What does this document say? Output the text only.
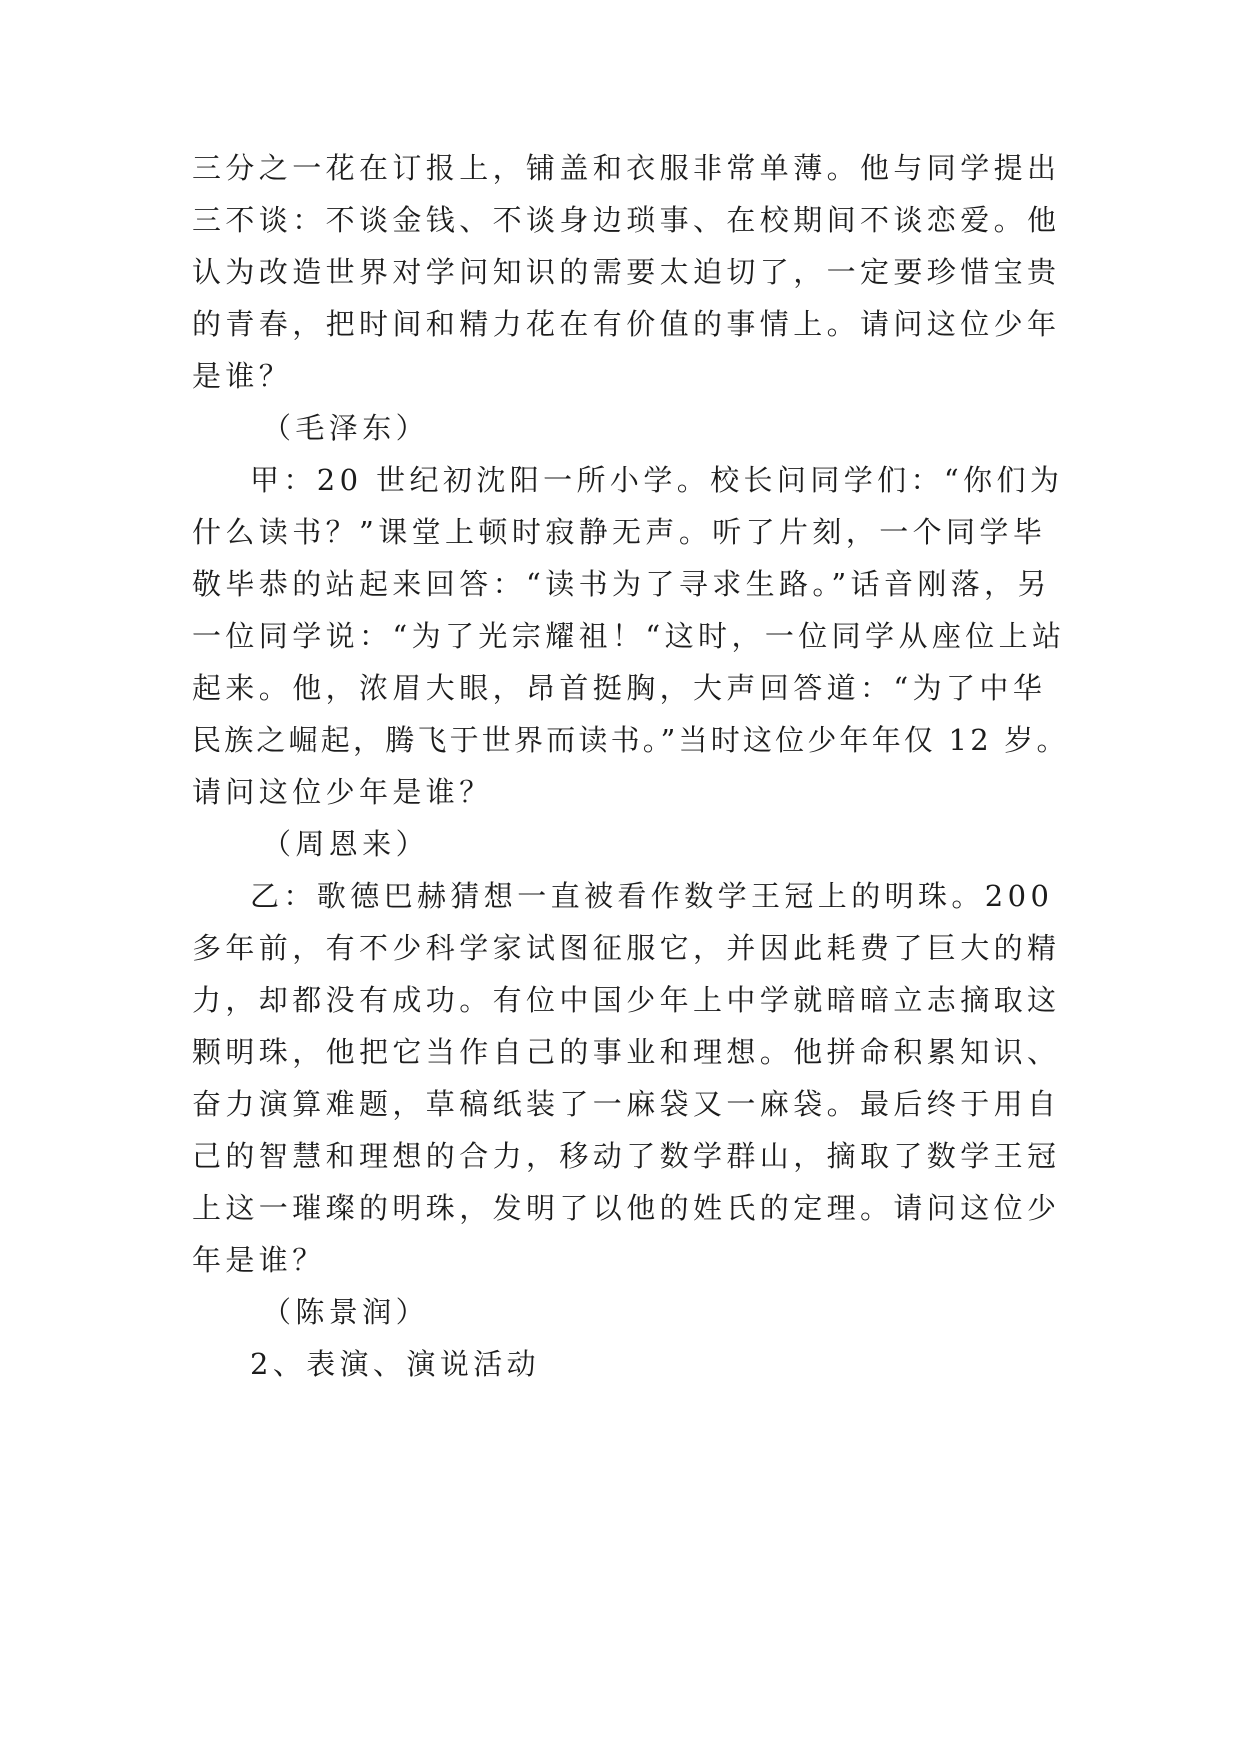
三分之一花在订报上，铺盖和衣服非常单薄。他与同学提出
三不谈：不谈金钱、不谈身边琐事、在校期间不谈恋爱。他
认为改造世界对学问知识的需要太迫切了，一定要珍惜宝贵
的青春，把时间和精力花在有价值的事情上。请问这位少年
是谁？
（毛泽东）
甲：20 世纪初沈阳一所小学。校长问同学们：“你们为
什么读书？”课堂上顿时寂静无声。听了片刻，一个同学毕
敬毕恭的站起来回答：“读书为了寻求生路。”话音刚落，另
一位同学说：“为了光宗耀祖！“这时，一位同学从座位上站
起来。他，浓眉大眼，昂首挺胸，大声回答道：“为了中华
民族之崛起，腾飞于世界而读书。”当时这位少年年仅 12 岁。
请问这位少年是谁？
（周恩来）
乙：歌德巴赫猜想一直被看作数学王冠上的明珠。200
多年前，有不少科学家试图征服它，并因此耗费了巨大的精
力，却都没有成功。有位中国少年上中学就暗暗立志摘取这
颗明珠，他把它当作自己的事业和理想。他拼命积累知识、
奋力演算难题，草稿纸装了一麻袋又一麻袋。最后终于用自
己的智慧和理想的合力，移动了数学群山，摘取了数学王冠
上这一璀璨的明珠，发明了以他的姓氏的定理。请问这位少
年是谁？
（陈景润）
2、表演、演说活动
